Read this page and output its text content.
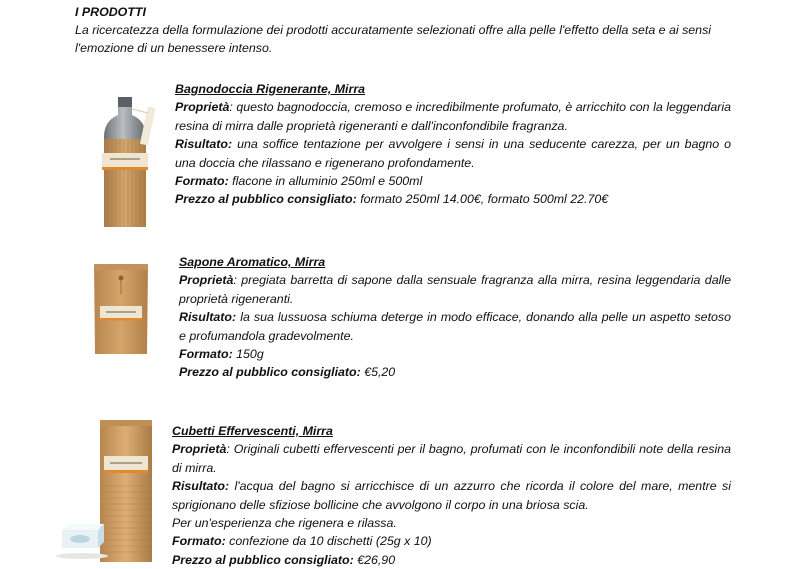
I PRODOTTI
La ricercatezza della formulazione dei prodotti accuratamente selezionati offre alla pelle l'effetto della seta e ai sensi l'emozione di un benessere intenso.
Bagnodoccia Rigenerante, Mirra
Proprietà: questo bagnodoccia, cremoso e incredibilmente profumato, è arricchito con la leggendaria resina di mirra dalle proprietà rigeneranti e dall'inconfondibile fragranza.
Risultato: una soffice tentazione per avvolgere i sensi in una seducente carezza, per un bagno o una doccia che rilassano e rigenerano profondamente.
Formato: flacone in alluminio 250ml e 500ml
Prezzo al pubblico consigliato: formato 250ml 14.00€, formato 500ml 22.70€
Sapone Aromatico, Mirra
Proprietà: pregiata barretta di sapone dalla sensuale fragranza alla mirra, resina leggendaria dalle proprietà rigeneranti.
Risultato: la sua lussuosa schiuma deterge in modo efficace, donando alla pelle un aspetto setoso e profumandola gradevolmente.
Formato: 150g
Prezzo al pubblico consigliato: €5,20
Cubetti Effervescenti, Mirra
Proprietà: Originali cubetti effervescenti per il bagno, profumati con le inconfondibili note della resina di mirra.
Risultato: l'acqua del bagno si arricchisce di un azzurro che ricorda il colore del mare, mentre si sprigionano delle sfiziose bollicine che avvolgono il corpo in una briosa scia.
Per un'esperienza che rigenera e rilassa.
Formato: confezione da 10 dischetti (25g x 10)
Prezzo al pubblico consigliato: €26,90
